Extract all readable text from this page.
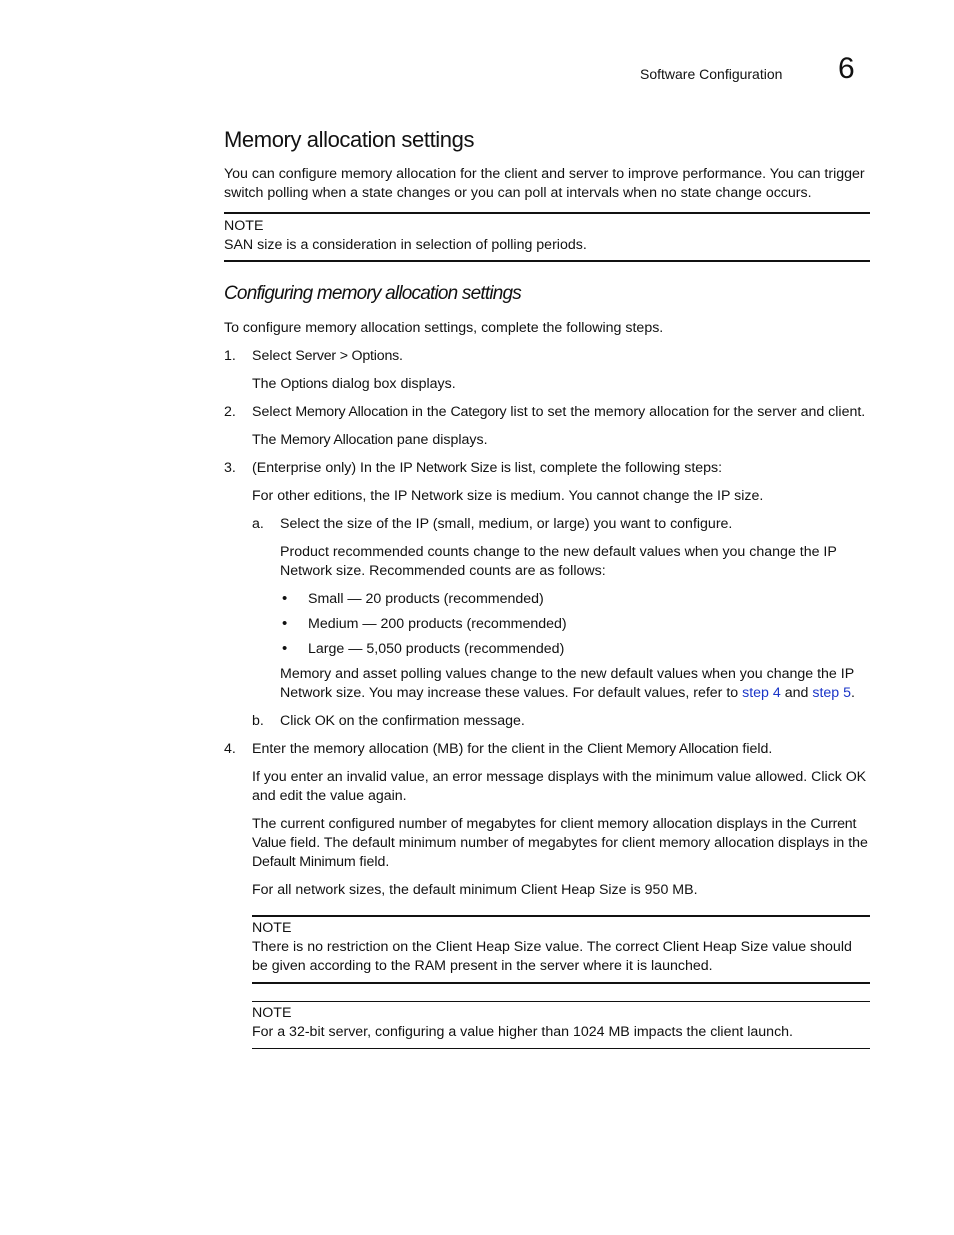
Software Configuration 6
Memory allocation settings

You can configure memory allocation for the client and server to improve performance. You can trigger switch polling when a state changes or you can poll at intervals when no state change occurs.

NOTE
SAN size is a consideration in selection of polling periods.
Configuring memory allocation settings

To configure memory allocation settings, complete the following steps.

1. Select Server > Options.

The Options dialog box displays.

2. Select Memory Allocation in the Category list to set the memory allocation for the server and client.

The Memory Allocation pane displays.

3. (Enterprise only) In the IP Network Size is list, complete the following steps:

For other editions, the IP Network size is medium. You cannot change the IP size.

a. Select the size of the IP (small, medium, or large) you want to configure.

Product recommended counts change to the new default values when you change the IP Network size. Recommended counts are as follows:

• Small — 20 products (recommended)
• Medium — 200 products (recommended)
• Large — 5,050 products (recommended)

Memory and asset polling values change to the new default values when you change the IP Network size. You may increase these values. For default values, refer to step 4 and step 5.

b. Click OK on the confirmation message.

4. Enter the memory allocation (MB) for the client in the Client Memory Allocation field.

If you enter an invalid value, an error message displays with the minimum value allowed. Click OK and edit the value again.

The current configured number of megabytes for client memory allocation displays in the Current Value field. The default minimum number of megabytes for client memory allocation displays in the Default Minimum field.

For all network sizes, the default minimum Client Heap Size is 950 MB.

NOTE
There is no restriction on the Client Heap Size value. The correct Client Heap Size value should be given according to the RAM present in the server where it is launched.
NOTE
For a 32-bit server, configuring a value higher than 1024 MB impacts the client launch.
